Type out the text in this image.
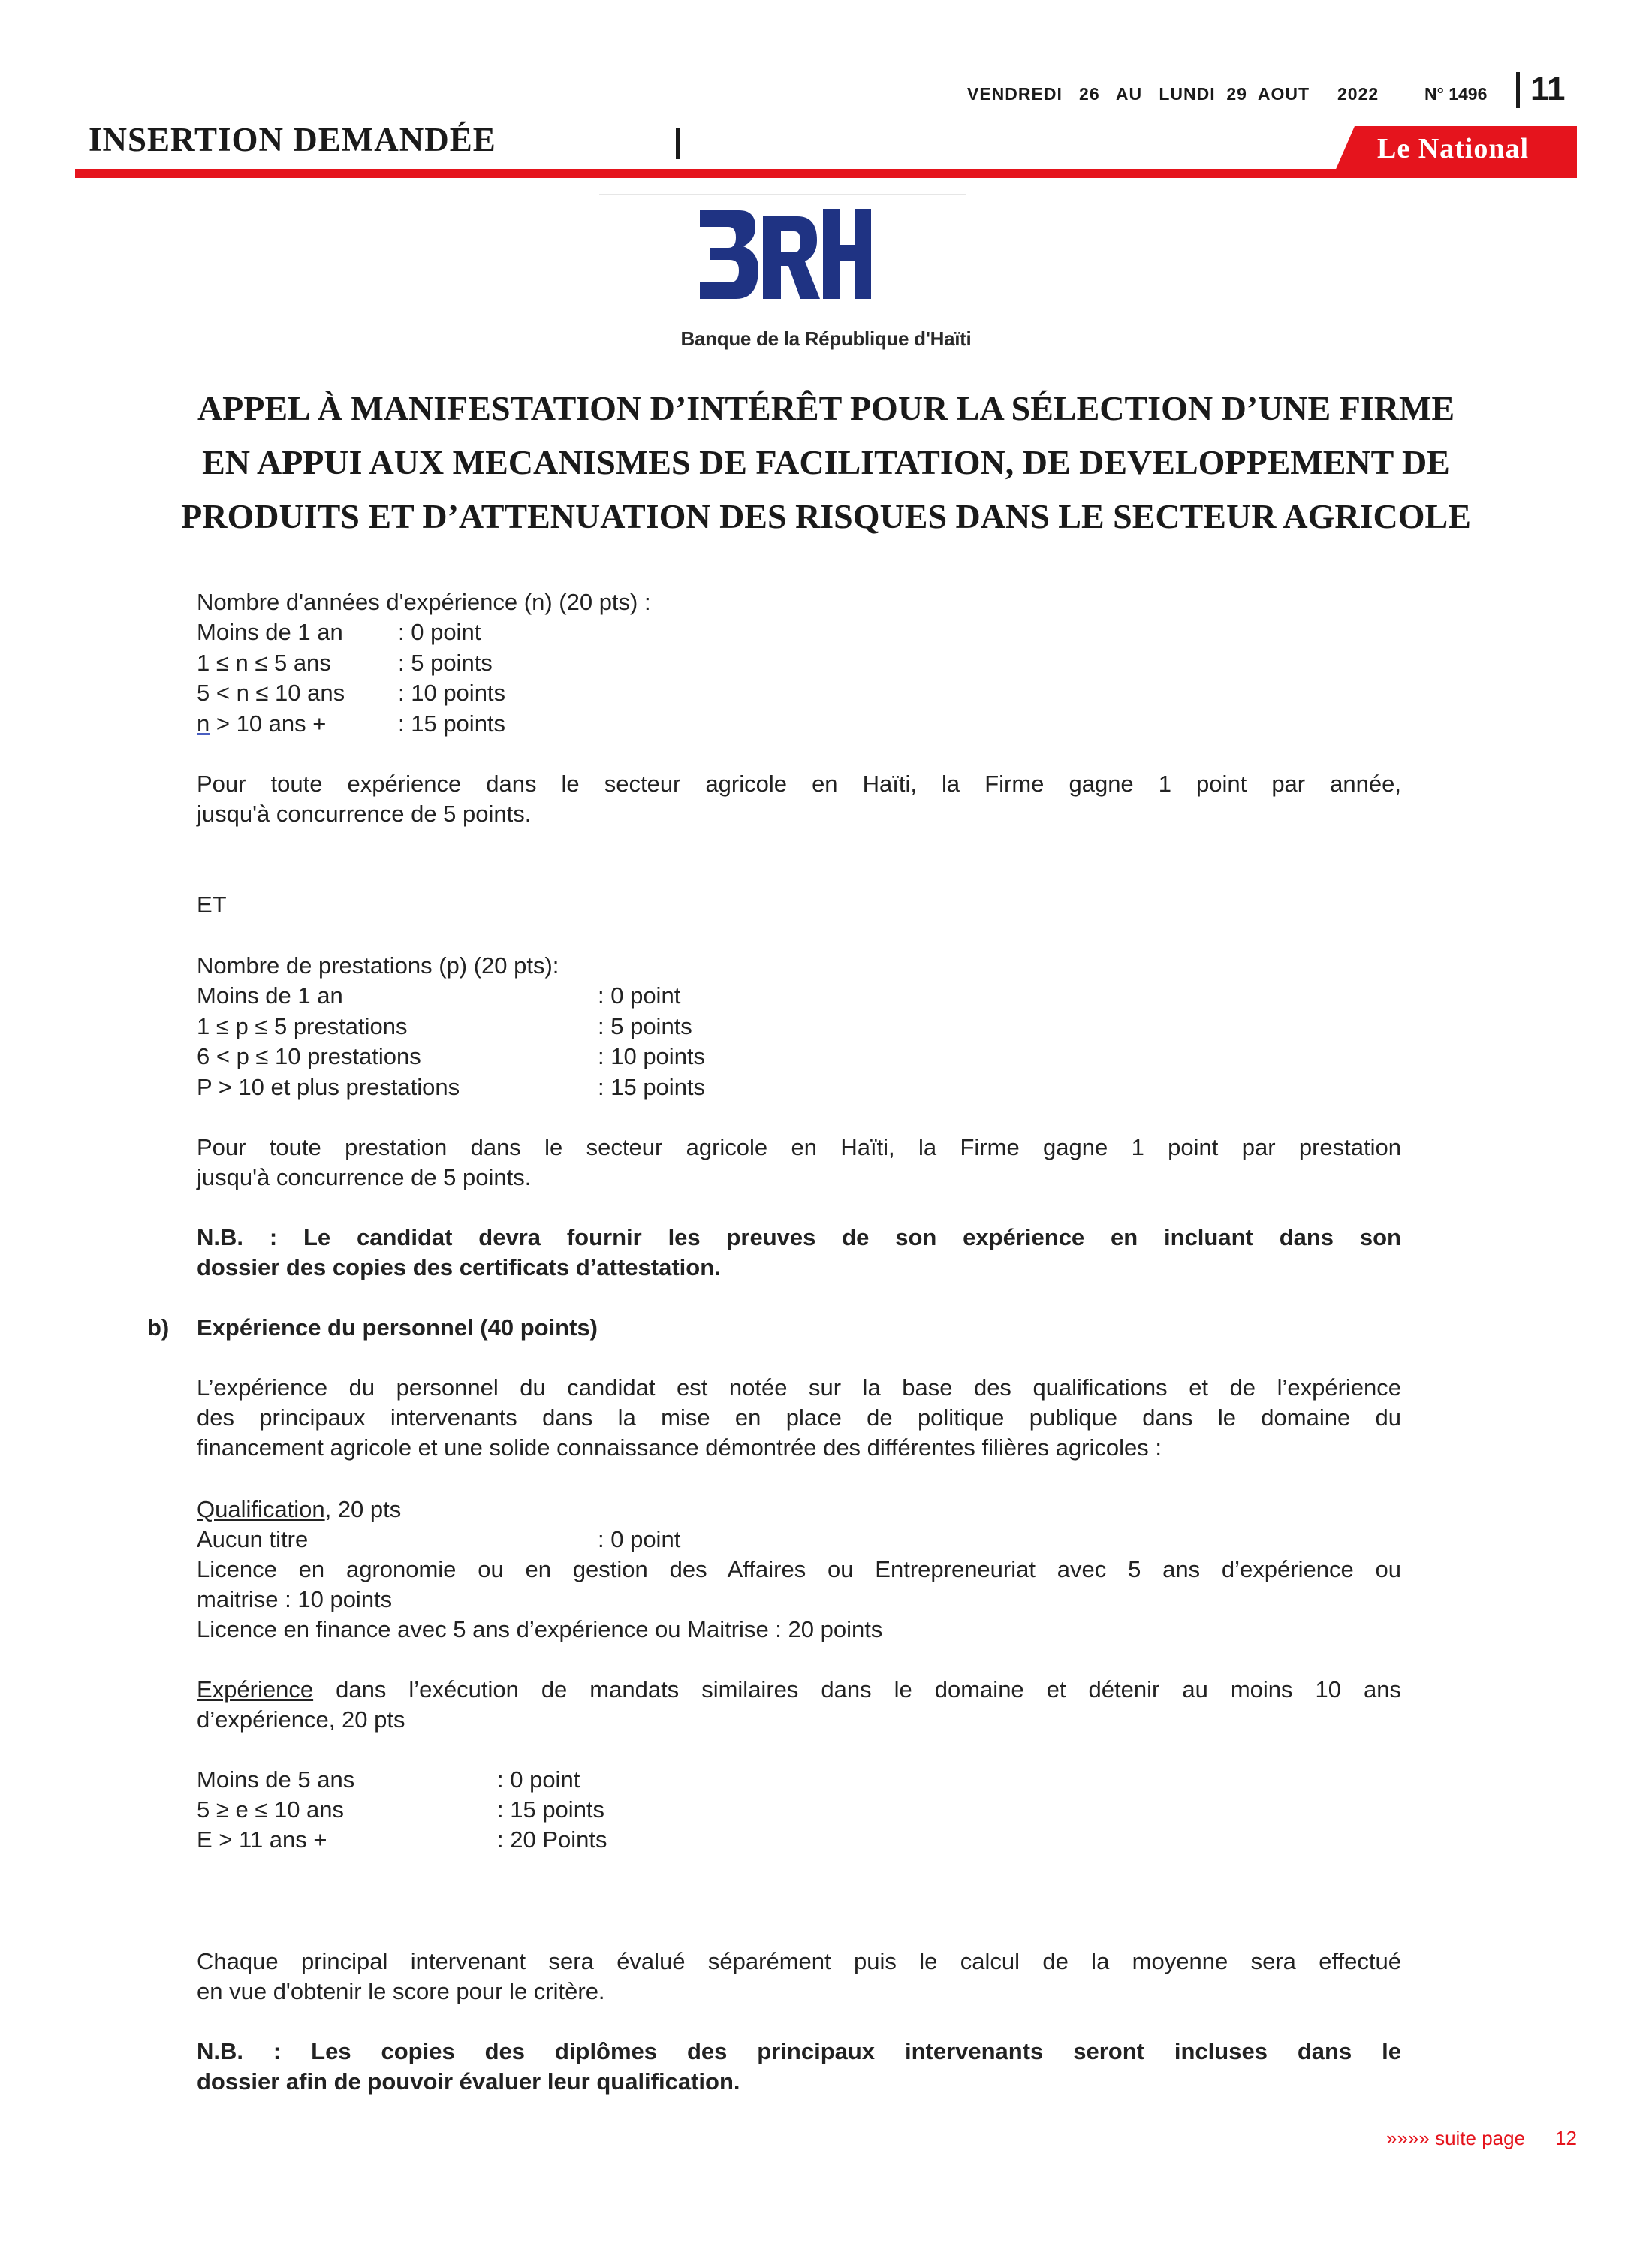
VENDREDI   26   AU   LUNDI  29  AOUT     2022	N° 1496 11
INSERTION DEMANDÉE	Le National
Banque de la République d'Haïti
APPEL À MANIFESTATION D’INTÉRÊT POUR LA SÉLECTION D’UNE FIRME
EN APPUI AUX MECANISMES DE FACILITATION, DE DEVELOPPEMENT DE
PRODUITS ET D’ATTENUATION DES RISQUES DANS LE SECTEUR AGRICOLE
Nombre d'années d'expérience (n) (20 pts) :
Moins de 1 an : 0 point
1 ≤ n ≤ 5 ans	: 5 points
5 < n ≤ 10 ans : 10 points
n > 10 ans +	: 15 points
Pour toute expérience dans le secteur agricole en Haïti, la Firme gagne 1 point par année,
jusqu'à concurrence de 5 points.
ET
Nombre de prestations (p) (20 pts):
Moins de 1 an	: 0 point
1 ≤ p ≤ 5 prestations	: 5 points
6 < p ≤ 10 prestations	: 10 points
P > 10 et plus prestations	: 15 points
Pour toute prestation dans le secteur agricole en Haïti, la Firme gagne 1 point par prestation
jusqu'à concurrence de 5 points.
N.B. : Le candidat devra fournir les preuves de son expérience en incluant dans son
dossier des copies des certificats d’attestation.
b) Expérience du personnel (40 points)
L’expérience du personnel du candidat est notée sur la base des qualifications et de l’expérience
des principaux intervenants dans la mise en place de politique publique dans le domaine du
financement agricole et une solide connaissance démontrée des différentes filières agricoles :
Qualification, 20 pts
Aucun titre	: 0 point
Licence en agronomie ou en gestion des Affaires ou Entrepreneuriat avec 5 ans d’expérience ou
maitrise : 10 points
Licence en finance avec 5 ans d’expérience ou Maitrise : 20 points
Expérience dans l’exécution de mandats similaires dans le domaine et détenir au moins 10 ans
d’expérience, 20 pts
Moins de 5 ans	: 0 point
5 ≥ e ≤ 10 ans	: 15 points
E > 11 ans +	: 20 Points
Chaque principal intervenant sera évalué séparément puis le calcul de la moyenne sera effectué
en vue d'obtenir le score pour le critère.
N.B. : Les copies des diplômes des principaux intervenants seront incluses dans le
dossier afin de pouvoir évaluer leur qualification.
»»»» suite page 12
